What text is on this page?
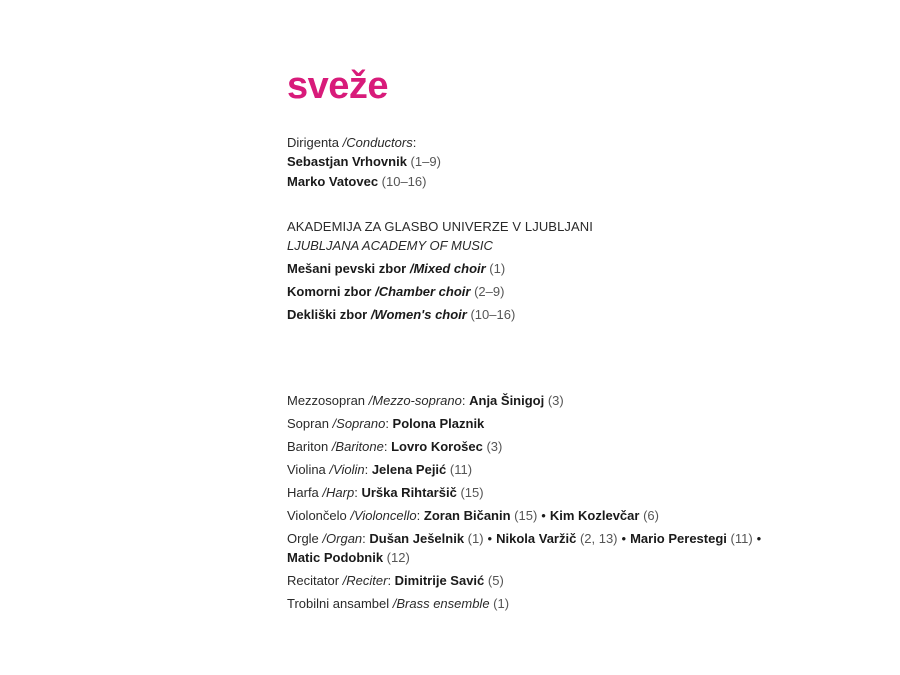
sveže
Dirigenta /Conductors:
Sebastjan Vrhovnik (1–9)
Marko Vatovec (10–16)
AKADEMIJA ZA GLASBO UNIVERZE V LJUBLJANI
LJUBLJANA ACADEMY OF MUSIC
Mešani pevski zbor /Mixed choir (1)
Komorni zbor /Chamber choir (2–9)
Dekliški zbor /Women's choir (10–16)
Mezzosopran /Mezzo-soprano: Anja Šinigoj (3)
Sopran /Soprano: Polona Plaznik
Bariton /Baritone: Lovro Korošec (3)
Violina /Violin: Jelena Pejić (11)
Harfa /Harp: Urška Rihtaršič (15)
Violončelo /Violoncello: Zoran Bičanin (15) • Kim Kozlevčar (6)
Orgle /Organ: Dušan Ješelnik (1) • Nikola Varžič (2, 13) • Mario Perestegi (11) •
Matic Podobnik (12)
Recitator /Reciter: Dimitrije Savić (5)
Trobilni ansambel /Brass ensemble (1)
